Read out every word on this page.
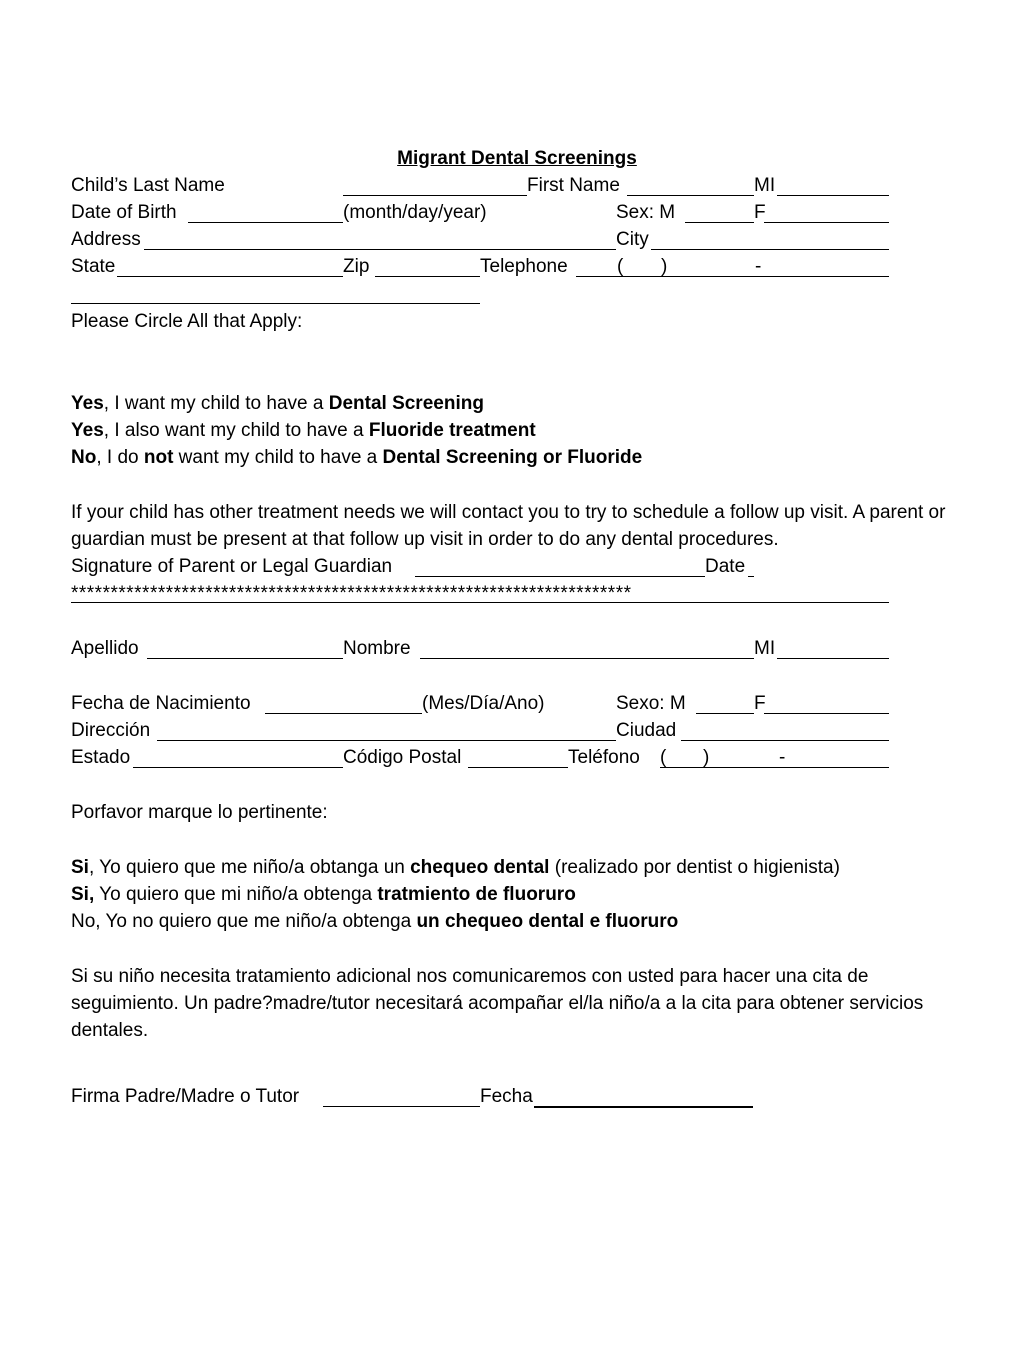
Migrant Dental Screenings
Child’s Last Name	First Name	MI
Date of Birth	(month/day/year)	Sex: M	F
Address	City
State	Zip	Telephone	( )	-
Please Circle All that Apply:
Yes, I want my child to have a Dental Screening
Yes, I also want my child to have a Fluoride treatment
No, I do not want my child to have a Dental Screening or Fluoride
If your child has other treatment needs we will contact you to try to schedule a follow up visit. A parent or guardian must be present at that follow up visit in order to do any dental procedures.
Signature of Parent or Legal Guardian	Date
***********************************************************************
Apellido	Nombre	MI
Fecha de Nacimiento	(Mes/Día/Ano)	Sexo: M	F
Dirección	Ciudad
Estado	Código Postal	Teléfono ( )	-
Porfavor marque lo pertinente:
Si, Yo quiero que me niño/a obtanga un chequeo dental (realizado por dentist o higienista)
Si, Yo quiero que mi niño/a obtenga tratmiento de fluoruro
No, Yo no quiero que me niño/a obtenga un chequeo dental e fluoruro
Si su niño necesita tratamiento adicional nos comunicaremos con usted para hacer una cita de seguimiento. Un padre?madre/tutor necesitará acompañar el/la niño/a a la cita para obtener servicios dentales.
Firma Padre/Madre o Tutor	Fecha
